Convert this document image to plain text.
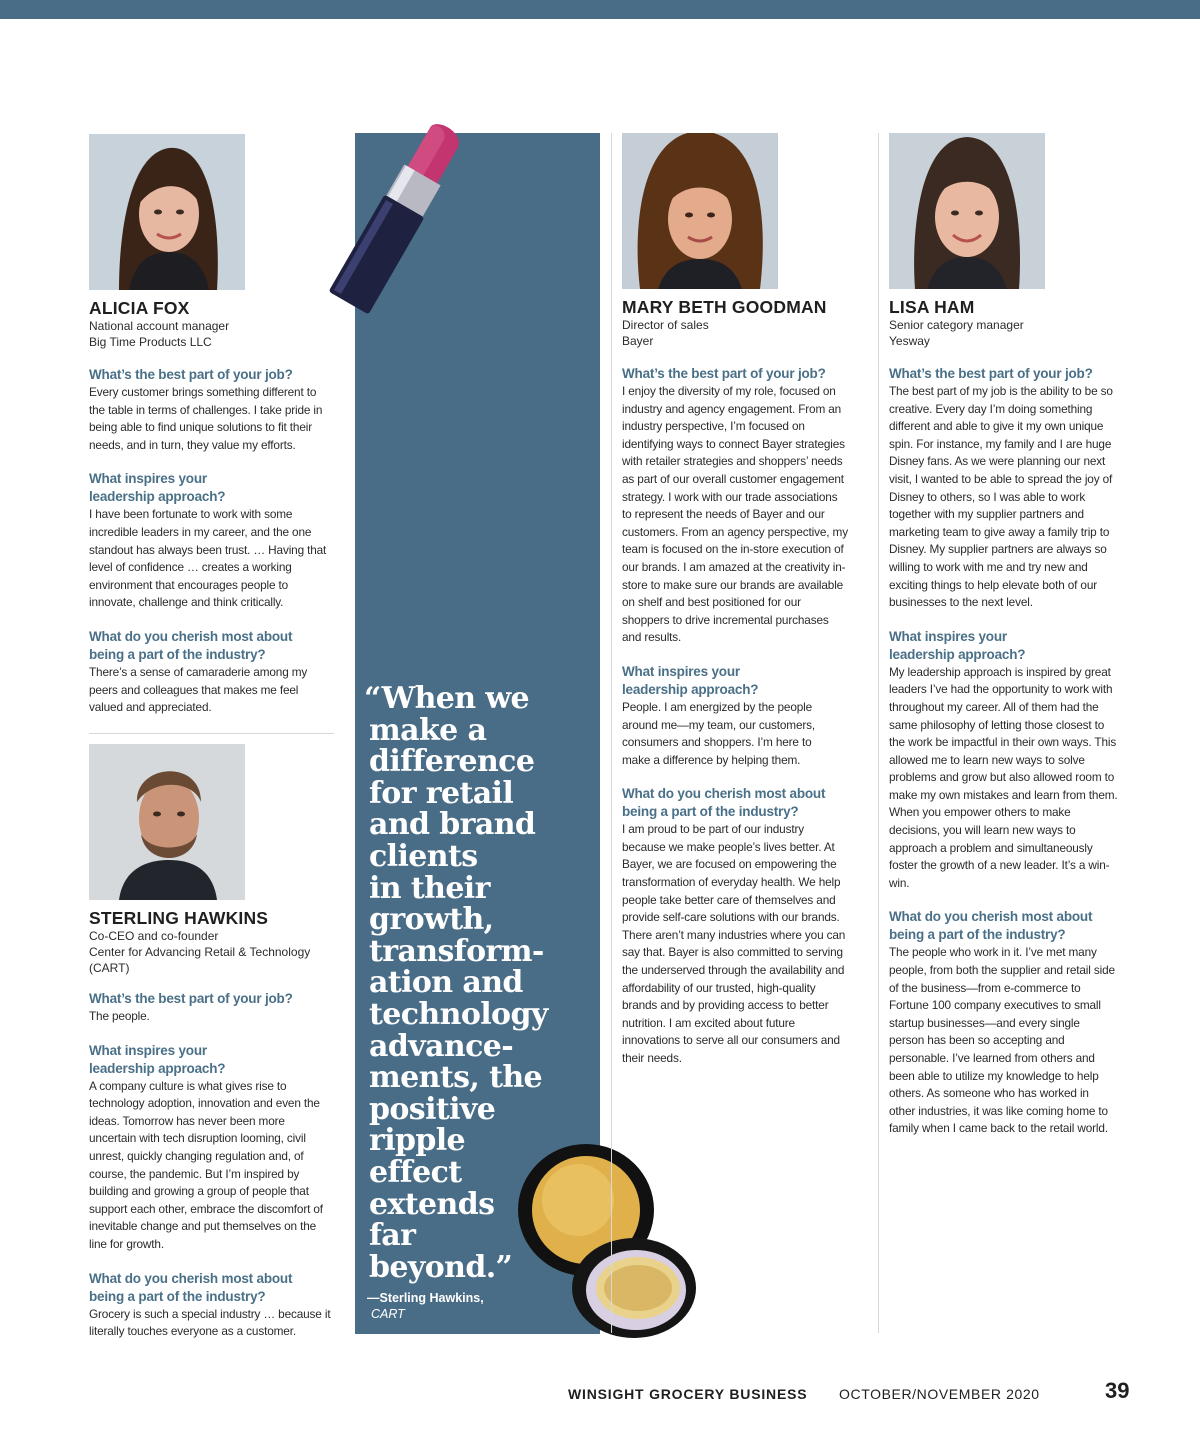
ALICIA FOX
National account manager
Big Time Products LLC
What’s the best part of your job?
Every customer brings something different to the table in terms of challenges. I take pride in being able to find unique solutions to fit their needs, and in turn, they value my efforts.
What inspires your
leadership approach?
I have been fortunate to work with some incredible leaders in my career, and the one standout has always been trust. … Having that level of confidence … creates a working environment that encourages people to innovate, challenge and think critically.
What do you cherish most about
being a part of the industry?
There’s a sense of camaraderie among my peers and colleagues that makes me feel valued and appreciated.
STERLING HAWKINS
Co-CEO and co-founder
Center for Advancing Retail & Technology
(CART)
What’s the best part of your job?
The people.
What inspires your
leadership approach?
A company culture is what gives rise to technology adoption, innovation and even the ideas. Tomorrow has never been more uncertain with tech disruption looming, civil unrest, quickly changing regulation and, of course, the pandemic. But I’m inspired by building and growing a group of people that support each other, embrace the discomfort of inevitable change and put themselves on the line for growth.
What do you cherish most about
being a part of the industry?
Grocery is such a special industry … because it literally touches everyone as a customer.
“When we
make a
difference
for retail
and brand
clients
in their
growth,
transform-
ation and
technology
advance-
ments, the
positive
ripple
effect
extends
far
beyond.”
—Sterling Hawkins,
CART
MARY BETH GOODMAN
Director of sales
Bayer
What’s the best part of your job?
I enjoy the diversity of my role, focused on industry and agency engagement. From an industry perspective, I’m focused on identifying ways to connect Bayer strategies with retailer strategies and shoppers’ needs as part of our overall customer engagement strategy. I work with our trade associations to represent the needs of Bayer and our customers. From an agency perspective, my team is focused on the in-store execution of our brands. I am amazed at the creativity in-store to make sure our brands are available on shelf and best positioned for our shoppers to drive incremental purchases and results.
What inspires your
leadership approach?
People. I am energized by the people around me—my team, our customers, consumers and shoppers. I’m here to make a difference by helping them.
What do you cherish most about
being a part of the industry?
I am proud to be part of our industry because we make people’s lives better. At Bayer, we are focused on empowering the transformation of everyday health. We help people take better care of themselves and provide self-care solutions with our brands. There aren’t many industries where you can say that. Bayer is also committed to serving the underserved through the availability and affordability of our trusted, high-quality brands and by providing access to better nutrition. I am excited about future innovations to serve all our consumers and their needs.
LISA HAM
Senior category manager
Yesway
What’s the best part of your job?
The best part of my job is the ability to be so creative. Every day I’m doing something different and able to give it my own unique spin. For instance, my family and I are huge Disney fans. As we were planning our next visit, I wanted to be able to spread the joy of Disney to others, so I was able to work together with my supplier partners and marketing team to give away a family trip to Disney. My supplier partners are always so willing to work with me and try new and exciting things to help elevate both of our businesses to the next level.
What inspires your
leadership approach?
My leadership approach is inspired by great leaders I’ve had the opportunity to work with throughout my career. All of them had the same philosophy of letting those closest to the work be impactful in their own ways. This allowed me to learn new ways to solve problems and grow but also allowed room to make my own mistakes and learn from them. When you empower others to make decisions, you will learn new ways to approach a problem and simultaneously foster the growth of a new leader. It’s a win-win.
What do you cherish most about
being a part of the industry?
The people who work in it. I’ve met many people, from both the supplier and retail side of the business—from e-commerce to Fortune 100 company executives to small startup businesses—and every single person has been so accepting and personable. I’ve learned from others and been able to utilize my knowledge to help others. As someone who has worked in other industries, it was like coming home to family when I came back to the retail world.
WINSIGHT GROCERY BUSINESS OCTOBER/NOVEMBER 2020	39
